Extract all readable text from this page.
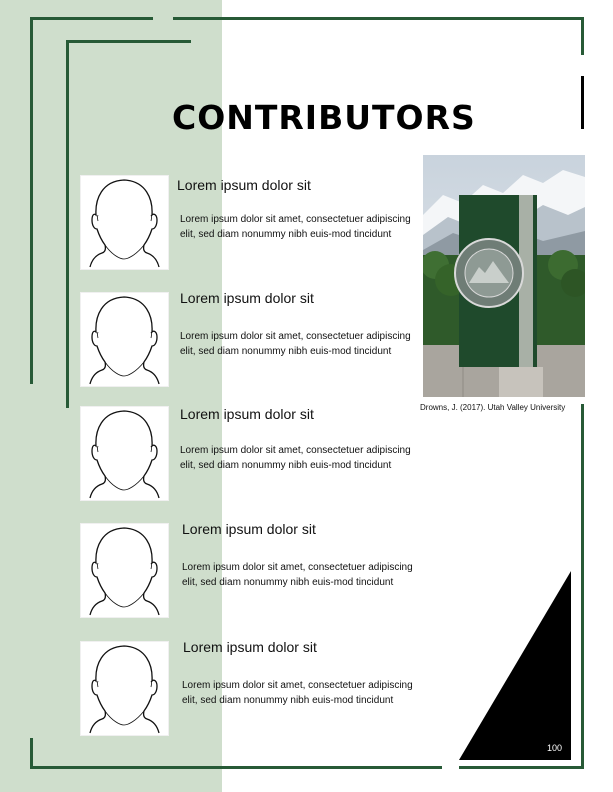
CONTRIBUTORS
Lorem ipsum dolor sit
Lorem ipsum dolor sit amet, consectetuer adipiscing elit, sed diam nonummy nibh euis-mod tincidunt
Lorem ipsum dolor sit
Lorem ipsum dolor sit amet, consectetuer adipiscing elit, sed diam nonummy nibh euis-mod tincidunt
Lorem ipsum dolor sit
Lorem ipsum dolor sit amet, consectetuer adipiscing elit, sed diam nonummy nibh euis-mod tincidunt
Lorem ipsum dolor sit
Lorem ipsum dolor sit amet, consectetuer adipiscing elit, sed diam nonummy nibh euis-mod tincidunt
Lorem ipsum dolor sit
Lorem ipsum dolor sit amet, consectetuer adipiscing elit, sed diam nonummy nibh euis-mod tincidunt
Drowns, J. (2017). Utah Valley University
100
